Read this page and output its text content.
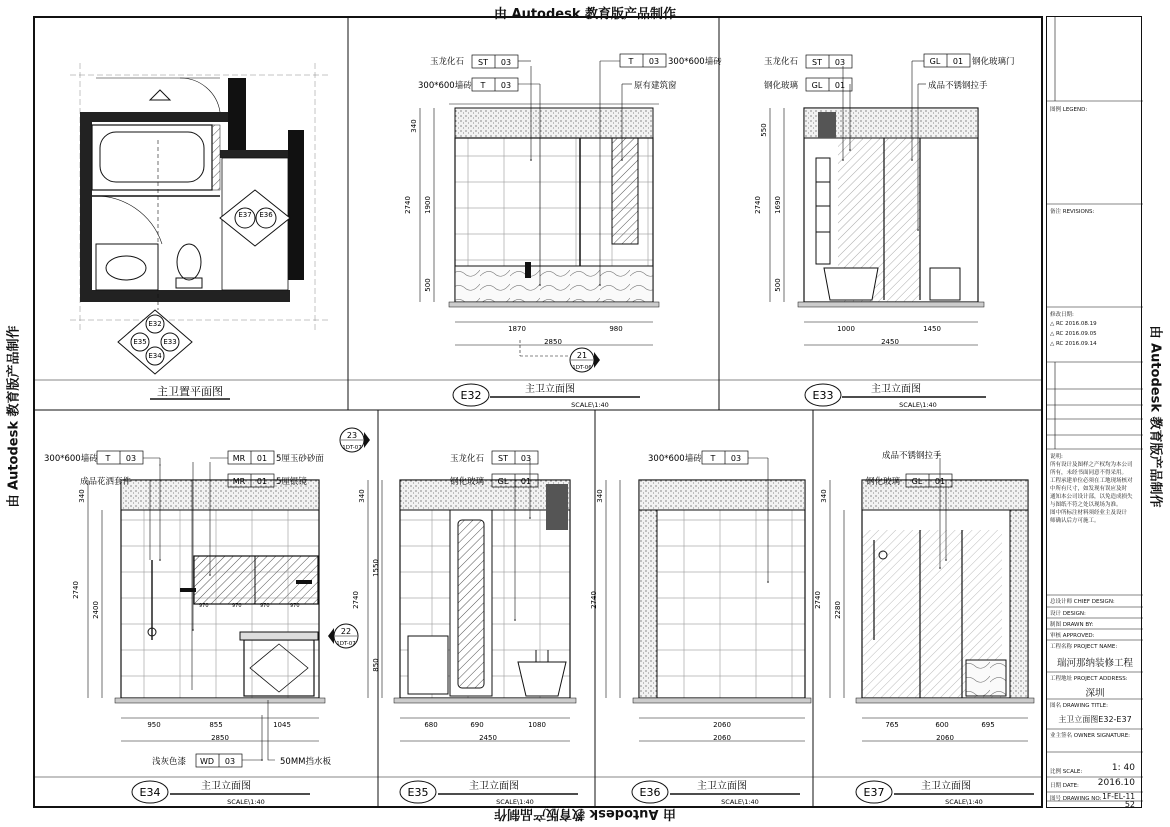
由 Autodesk 教育版产品制作
由 Autodesk 教育版产品制作
由 Autodesk 教育版产品制作	由 Autodesk 教育版产品制作
E37 E36
E32
E35 E33
E34
主卫置平面图
340
2740 1900
500
1870	980
2850
21
1DT-06
玉龙化石 ST 03
300*600墙砖 T 03
T 03 300*600墙砖
原有建筑窗
E32	主卫立面图
SCALE\1:40
550
2740 1690
500
1000	1450
2450
玉龙化石 ST 03
钢化玻璃 GL 01
GL 01 钢化玻璃门
成品不锈钢拉手
E33	主卫立面图
SCALE\1:40
340
2740
2400
950	855	1045
2850
970	970	970	970
300*600墙砖 T 03
成品花洒套件
MR 01 5厘玉砂砂面
MR 01 5厘银镜
23
1DT-07
22
1DT-07
浅灰色漆 WD 03	50MM挡水板
E34	主卫立面图
SCALE\1:40
340
2740
1550
850
680	690	1080
2450
玉龙化石 ST 03
钢化玻璃 GL 01
E35	主卫立面图
SCALE\1:40
340
2740
2060
2060
300*600墙砖 T 03
E36	主卫立面图
SCALE\1:40
340
2740
2280
765	600	695
2060
成品不锈钢拉手
钢化玻璃 GL 01
E37	主卫立面图
SCALE\1:40
图例 LEGEND:
备注 REVISIONS:
修改日期:
△ RC 2016.08.19
△ RC 2016.09.05
△ RC 2016.09.14
说明:
所有设计及图样之产权均为本公司
所有，未经书面同意不得采用。
工程承建单位必须在工地现场核对
中所有尺寸，如发现有误应及时
通知本公司设计部，以免造成损失
与图纸不符之处以现场为准。
图中所标注材料须经业主及设计
师确认后方可施工。
总设计师 CHIEF DESIGN:
设计 DESIGN:
制图 DRAWN BY:
审核 APPROVED:
工程名称 PROJECT NAME:
瑞河那纳装修工程
工程地址 PROJECT ADDRESS:
深圳
图名 DRAWING TITLE:
主卫立面图E32-E37
业主签名 OWNER SIGNATURE:
比例 SCALE:	1: 40
日期 DATE: 2016.10
图号 DRAWING NO: 1F-EL-11
52
